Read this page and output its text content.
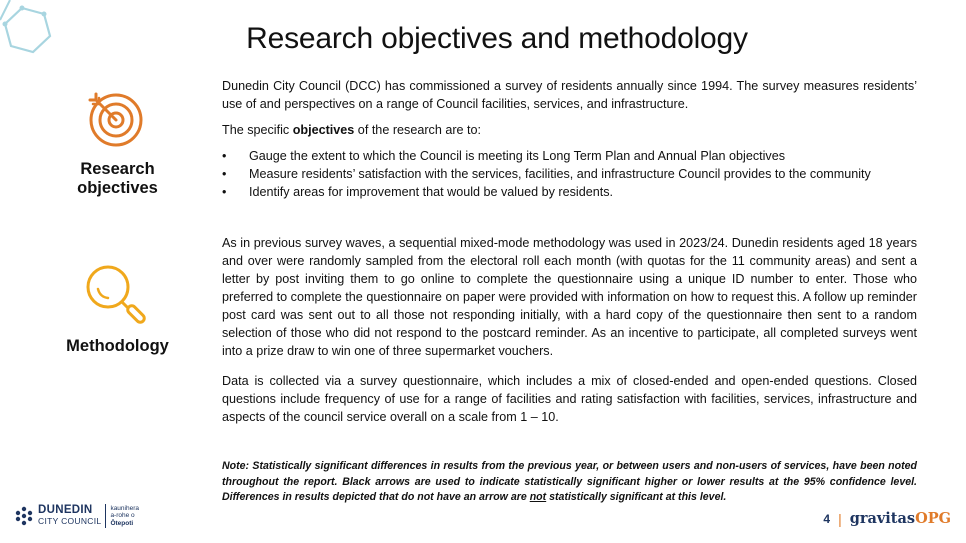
Research objectives and methodology
Research objectives

Dunedin City Council (DCC) has commissioned a survey of residents annually since 1994. The survey measures residents’ use of and perspectives on a range of Council facilities, services, and infrastructure.

The specific objectives of the research are to:

• Gauge the extent to which the Council is meeting its Long Term Plan and Annual Plan objectives
• Measure residents’ satisfaction with the services, facilities, and infrastructure Council provides to the community
• Identify areas for improvement that would be valued by residents.
Methodology

As in previous survey waves, a sequential mixed-mode methodology was used in 2023/24. Dunedin residents aged 18 years and over were randomly sampled from the electoral roll each month (with quotas for the 11 community areas) and sent a letter by post inviting them to go online to complete the questionnaire using a unique ID number to enter. Those who preferred to complete the questionnaire on paper were provided with information on how to request this. A follow up reminder post card was sent out to all those not responding initially, with a hard copy of the questionnaire then sent to a random selection of those who did not respond to the postcard reminder. As an incentive to participate, all completed surveys went into a prize draw to win one of three supermarket vouchers.

Data is collected via a survey questionnaire, which includes a mix of closed-ended and open-ended questions. Closed questions include frequency of use for a range of facilities and rating satisfaction with facilities, services, infrastructure and aspects of the council service overall on a scale from 1 – 10.

Note: Statistically significant differences in results from the previous year, or between users and non-users of services, have been noted throughout the report. Black arrows are used to indicate statistically significant higher or lower results at the 95% confidence level. Differences in results depicted that do not have an arrow are not statistically significant at this level.
DUNEDIN
CITY COUNCIL
kaunihera
a-rohe o
Ōtepoti	4 | gravitasOPG
